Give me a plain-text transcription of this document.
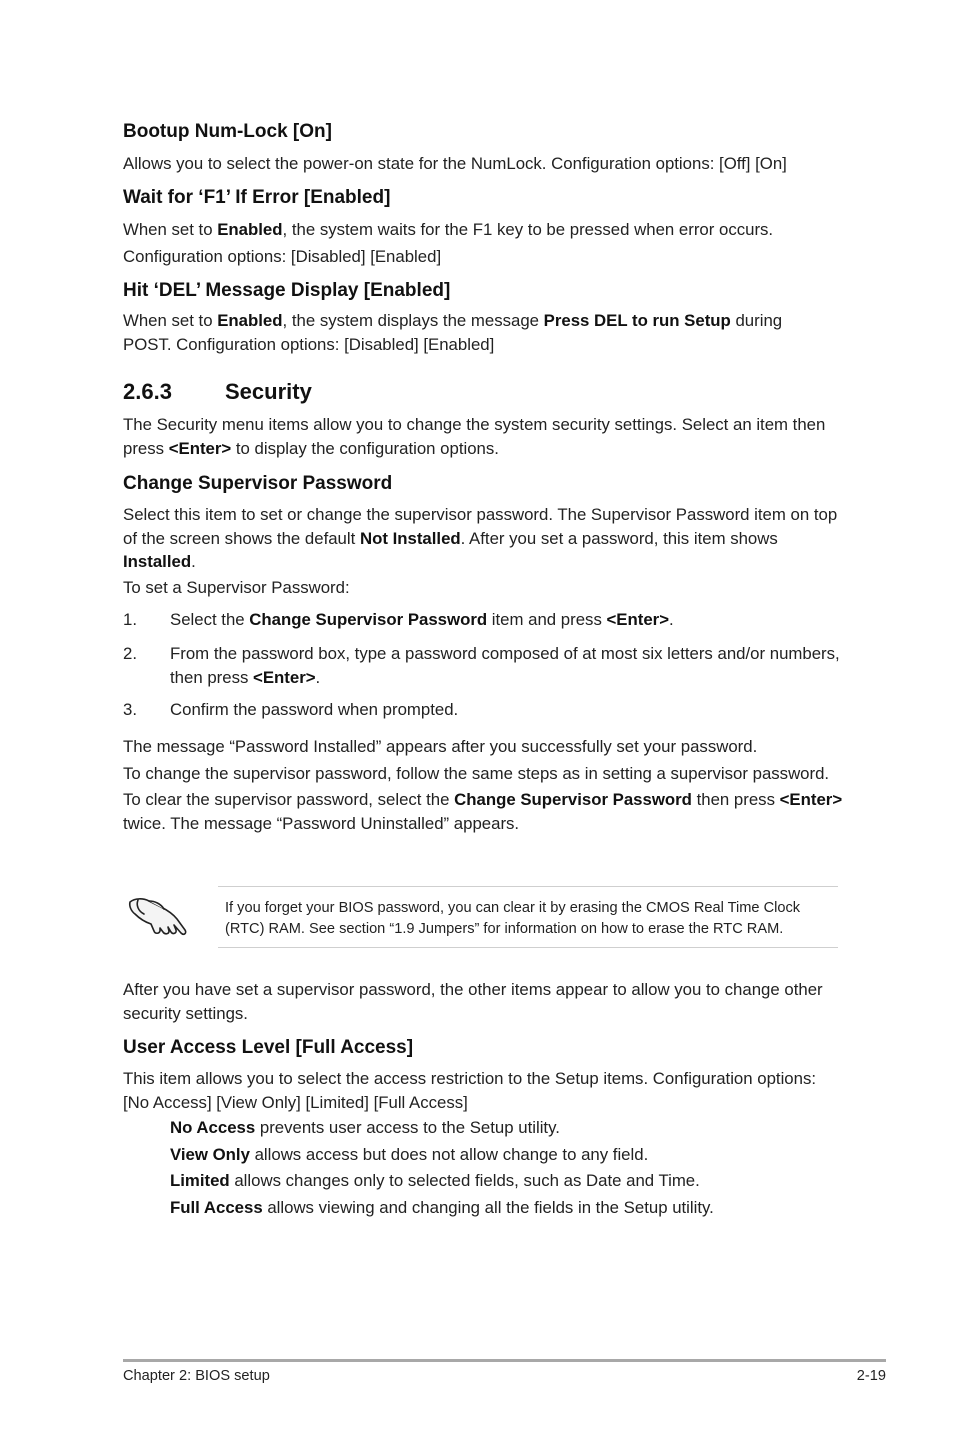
Bootup Num-Lock [On]

Allows you to select the power-on state for the NumLock. Configuration options: [Off] [On]

Wait for ‘F1’ If Error [Enabled]

When set to Enabled, the system waits for the F1 key to be pressed when error occurs.

Configuration options: [Disabled] [Enabled]

Hit ‘DEL’ Message Display [Enabled]

When set to Enabled, the system displays the message Press DEL to run Setup during

POST. Configuration options: [Disabled] [Enabled]

2.6.3 Security

The Security menu items allow you to change the system security settings. Select an item then press <Enter> to display the configuration options.

Change Supervisor Password

Select this item to set or change the supervisor password. The Supervisor Password item on top of the screen shows the default Not Installed. After you set a password, this item shows Installed.

To set a Supervisor Password:

1. Select the Change Supervisor Password item and press <Enter>.
2. From the password box, type a password composed of at most six letters and/or numbers, then press <Enter>.
3. Confirm the password when prompted.

The message “Password Installed” appears after you successfully set your password.

To change the supervisor password, follow the same steps as in setting a supervisor password.

To clear the supervisor password, select the Change Supervisor Password then press <Enter> twice. The message “Password Uninstalled” appears.

If you forget your BIOS password, you can clear it by erasing the CMOS Real Time Clock (RTC) RAM. See section “1.9 Jumpers” for information on how to erase the RTC RAM.

After you have set a supervisor password, the other items appear to allow you to change other security settings.

User Access Level [Full Access]

This item allows you to select the access restriction to the Setup items. Configuration options: [No Access] [View Only] [Limited] [Full Access]

No Access prevents user access to the Setup utility.
View Only allows access but does not allow change to any field.
Limited allows changes only to selected fields, such as Date and Time.
Full Access allows viewing and changing all the fields in the Setup utility.
Chapter 2: BIOS setup	2-19
